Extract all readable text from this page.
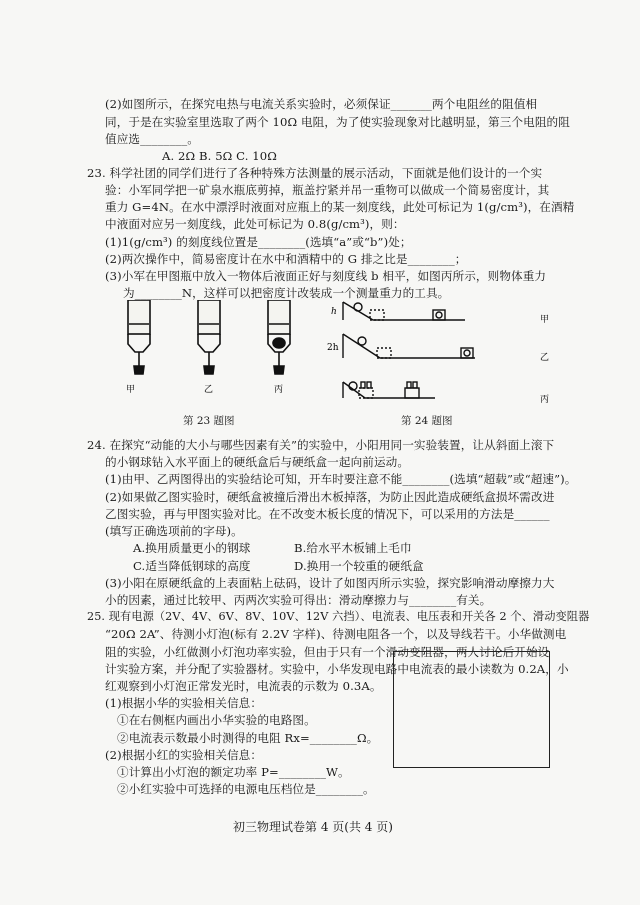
(2)如图所示，在探究电热与电流关系实验时，必须保证_______两个电阻丝的阻值相
同，于是在实验室里选取了两个 10Ω 电阻，为了使实验现象对比越明显，第三个电阻的阻
值应选________。
A. 2Ω B. 5Ω C. 10Ω
23. 科学社团的同学们进行了各种特殊方法测量的展示活动，下面就是他们设计的一个实
验：小军同学把一矿泉水瓶底剪掉，瓶盖拧紧并吊一重物可以做成一个简易密度计，其
重力 G=4N。在水中漂浮时液面对应瓶上的某一刻度线，此处可标记为 1(g/cm³)，在酒精
中液面对应另一刻度线，此处可标记为 0.8(g/cm³)，则：
(1)1(g/cm³) 的刻度线位置是________(选填“a”或“b”)处；
(2)两次操作中，简易密度计在水中和酒精中的 G 排之比是________；
(3)小军在甲图瓶中放入一物体后液面正好与刻度线 b 相平，如图丙所示，则物体重力
为________N，这样可以把密度计改装成一个测量重力的工具。
甲	乙	丙
h
2h
甲
乙
丙
第 23 题图	第 24 题图
24. 在探究“动能的大小与哪些因素有关”的实验中，小阳用同一实验装置，让从斜面上滚下
的小钢球钻入水平面上的硬纸盒后与硬纸盒一起向前运动。
(1)由甲、乙两图得出的实验结论可知，开车时要注意不能________(选填“超载”或“超速”)。
(2)如果做乙图实验时，硬纸盒被撞后滑出木板掉落，为防止因此造成硬纸盒损坏需改进
乙图实验，再与甲图实验对比。在不改变木板长度的情况下，可以采用的方法是______
(填写正确选项前的字母)。
A.换用质量更小的钢球	B.给水平木板铺上毛巾
C.适当降低钢球的高度	D.换用一个较重的硬纸盒
(3)小阳在原硬纸盒的上表面粘上砝码，设计了如图丙所示实验，探究影响滑动摩擦力大
小的因素，通过比较甲、丙两次实验可得出：滑动摩擦力与________有关。
25. 现有电源（2V、4V、6V、8V、10V、12V 六挡）、电流表、电压表和开关各 2 个、滑动变阻器
“20Ω 2A”、待测小灯泡(标有 2.2V 字样)、待测电阻各一个，以及导线若干。小华做测电
阻的实验，小红做测小灯泡功率实验，但由于只有一个滑动变阻器，两人讨论后开始设
计实验方案，并分配了实验器材。实验中，小华发现电路中电流表的最小读数为 0.2A，小
红观察到小灯泡正常发光时，电流表的示数为 0.3A。
(1)根据小华的实验相关信息：
①在右侧框内画出小华实验的电路图。
②电流表示数最小时测得的电阻 Rx=________Ω。
(2)根据小红的实验相关信息：
①计算出小灯泡的额定功率 P=________W。
②小红实验中可选择的电源电压档位是________。
初三物理试卷第 4 页(共 4 页)
